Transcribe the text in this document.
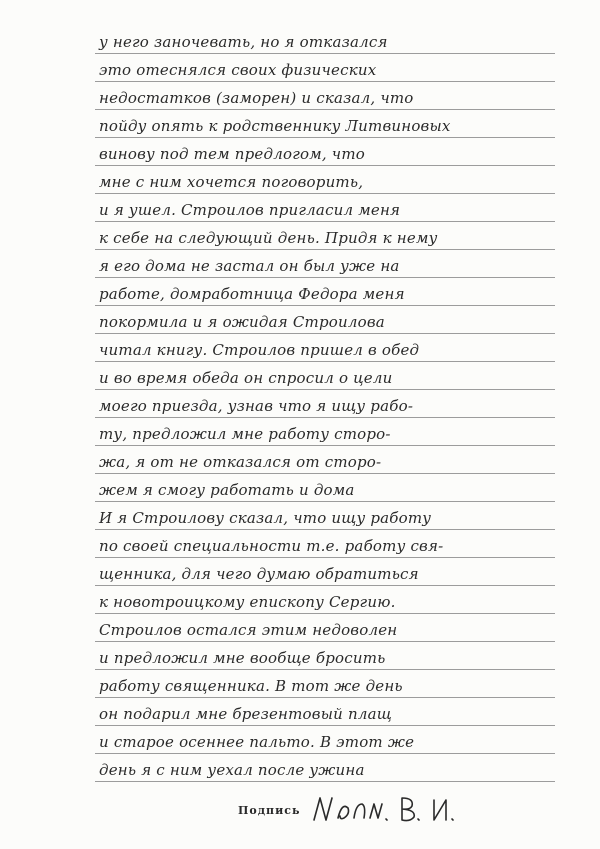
у него заночевать, но я отказался
это отеснялся своих физических
недостатков (заморен) и сказал, что
пойду опять к родственнику Литвиновых
винову под тем предлогом, что
мне с ним хочется поговорить,
и я ушел. Строилов пригласил меня
к себе на следующий день. Придя к нему
я его дома не застал он был уже на
работе, домработница Федора меня
покормила и я ожидая Строилова
читал книгу. Строилов пришел в обед
и во время обеда он спросил о цели
моего приезда, узнав что я ищу рабо-
ту, предложил мне работу сторо-
жа, я от не отказался от сторо-
жем я смогу работать и дома
И я Строилову сказал, что ищу работу
по своей специальности т.е. работу свя-
щенника, для чего думаю обратиться
к новотроицкому епископу Сергию.
Строилов остался этим недоволен
и предложил мне вообще бросить
работу священника. В тот же день
он подарил мне брезентовый плащ
и старое осеннее пальто. В этот же
день я с ним уехал после ужина
Подпись
